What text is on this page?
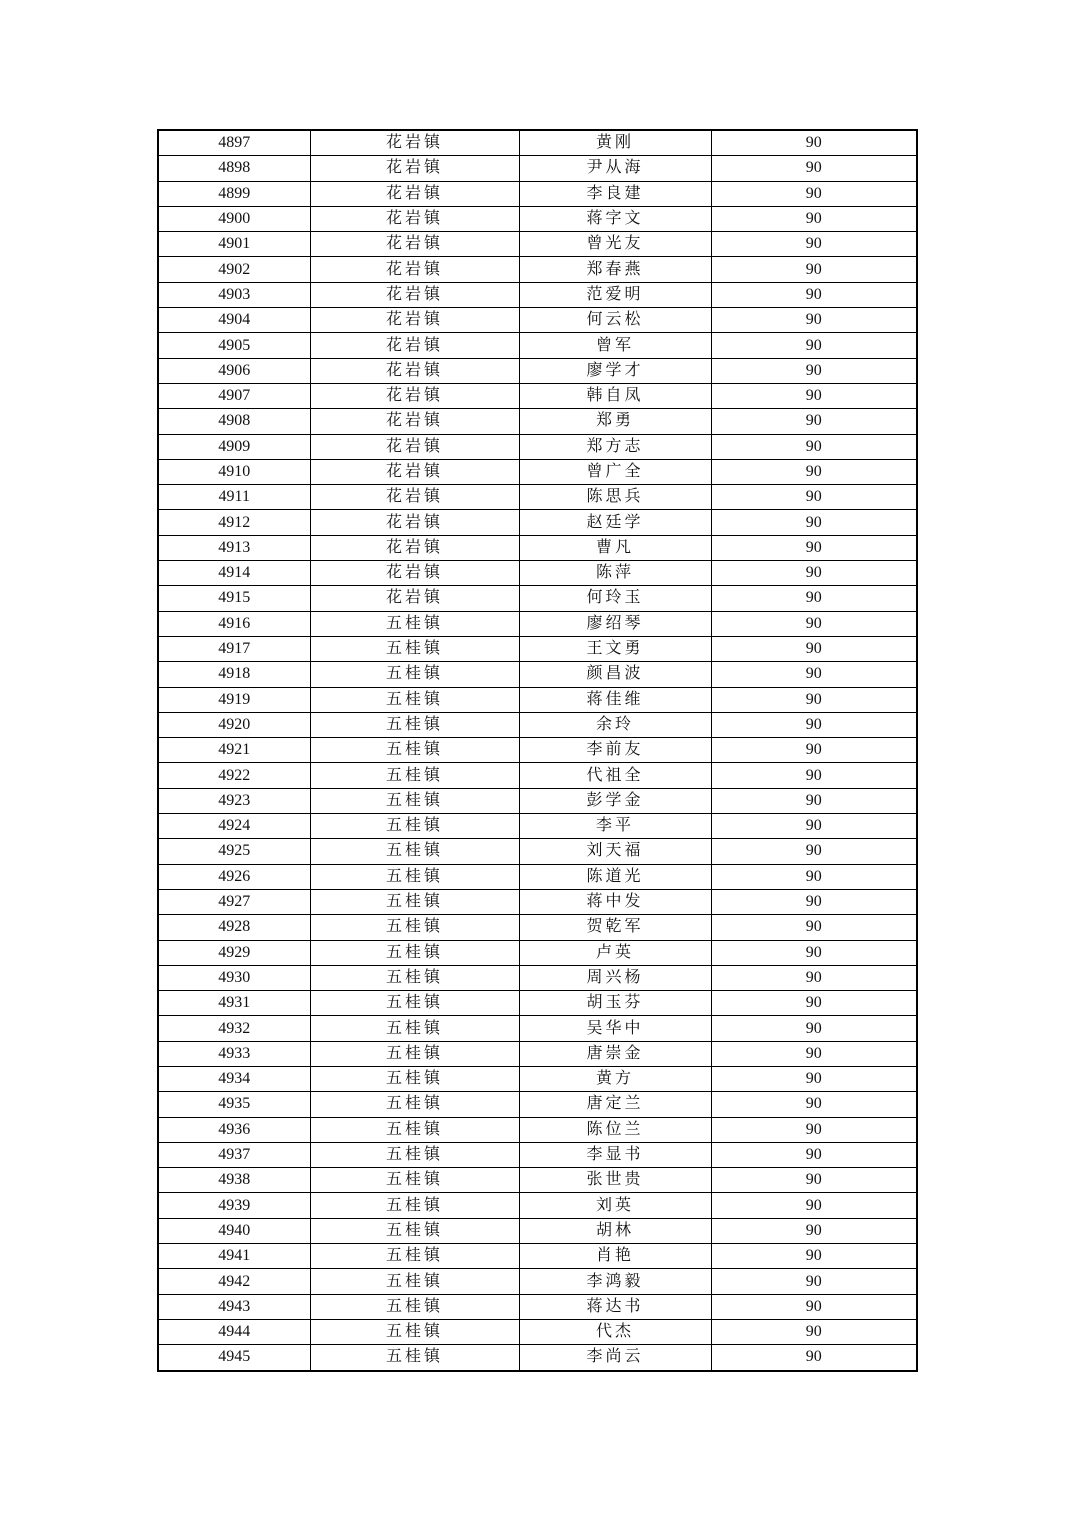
4897	花岩镇	黄刚	90
4898	花岩镇	尹从海	90
4899	花岩镇	李良建	90
4900	花岩镇	蒋字文	90
4901	花岩镇	曾光友	90
4902	花岩镇	郑春燕	90
4903	花岩镇	范爱明	90
4904	花岩镇	何云松	90
4905	花岩镇	曾军	90
4906	花岩镇	廖学才	90
4907	花岩镇	韩自凤	90
4908	花岩镇	郑勇	90
4909	花岩镇	郑方志	90
4910	花岩镇	曾广全	90
4911	花岩镇	陈思兵	90
4912	花岩镇	赵廷学	90
4913	花岩镇	曹凡	90
4914	花岩镇	陈萍	90
4915	花岩镇	何玲玉	90
4916	五桂镇	廖绍琴	90
4917	五桂镇	王文勇	90
4918	五桂镇	颜昌波	90
4919	五桂镇	蒋佳维	90
4920	五桂镇	余玲	90
4921	五桂镇	李前友	90
4922	五桂镇	代祖全	90
4923	五桂镇	彭学金	90
4924	五桂镇	李平	90
4925	五桂镇	刘天福	90
4926	五桂镇	陈道光	90
4927	五桂镇	蒋中发	90
4928	五桂镇	贺乾军	90
4929	五桂镇	卢英	90
4930	五桂镇	周兴杨	90
4931	五桂镇	胡玉芬	90
4932	五桂镇	吴华中	90
4933	五桂镇	唐崇金	90
4934	五桂镇	黄方	90
4935	五桂镇	唐定兰	90
4936	五桂镇	陈位兰	90
4937	五桂镇	李显书	90
4938	五桂镇	张世贵	90
4939	五桂镇	刘英	90
4940	五桂镇	胡林	90
4941	五桂镇	肖艳	90
4942	五桂镇	李鸿毅	90
4943	五桂镇	蒋达书	90
4944	五桂镇	代杰	90
4945	五桂镇	李尚云	90
